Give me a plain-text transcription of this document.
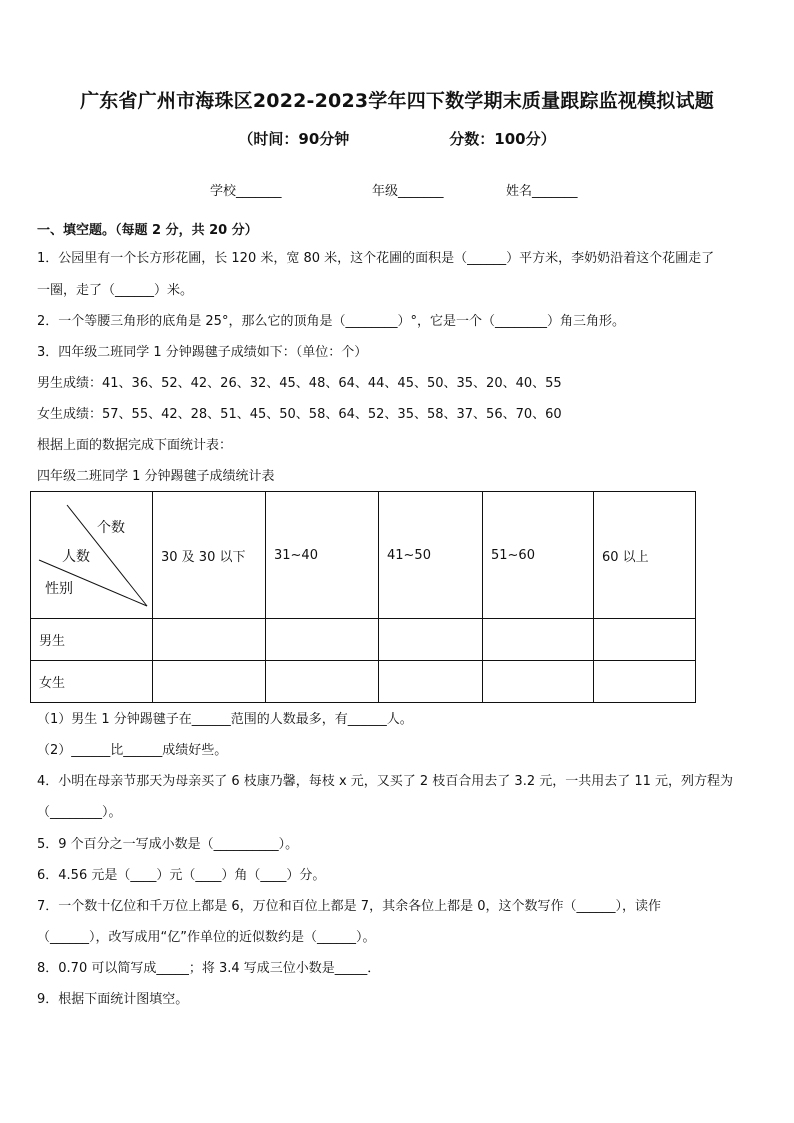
广东省广州市海珠区2022-2023学年四下数学期末质量跟踪监视模拟试题
（时间：90分钟	分数：100分）
学校_______	年级_______	姓名_______
一、填空题。（每题 2 分，共 20 分）
1．公园里有一个长方形花圃，长 120 米，宽 80 米，这个花圃的面积是（______）平方米，李奶奶沿着这个花圃走了
一圈，走了（______）米。
2．一个等腰三角形的底角是 25°，那么它的顶角是（________）°，它是一个（________）角三角形。
3．四年级二班同学 1 分钟踢毽子成绩如下：（单位：个）
男生成绩：41、36、52、42、26、32、45、48、64、44、45、50、35、20、40、55
女生成绩：57、55、42、28、51、45、50、58、64、52、35、58、37、56、70、60
根据上面的数据完成下面统计表：
四年级二班同学 1 分钟踢毽子成绩统计表
个数
人数
性别	30 及 30 以下	31~40	41~50	51~60	60 以上
男生					
女生					
（1）男生 1 分钟踢毽子在______范围的人数最多，有______人。
（2）______比______成绩好些。
4．小明在母亲节那天为母亲买了 6 枝康乃馨，每枝 x 元，又买了 2 枝百合用去了 3.2 元，一共用去了 11 元，列方程为
（________）。
5．9 个百分之一写成小数是（__________）。
6．4.56 元是（____）元（____）角（____）分。
7．一个数十亿位和千万位上都是 6，万位和百位上都是 7，其余各位上都是 0，这个数写作（______），读作
（______），改写成用“亿”作单位的近似数约是（______）。
8．0.70 可以简写成_____；将 3.4 写成三位小数是_____．
9．根据下面统计图填空。
